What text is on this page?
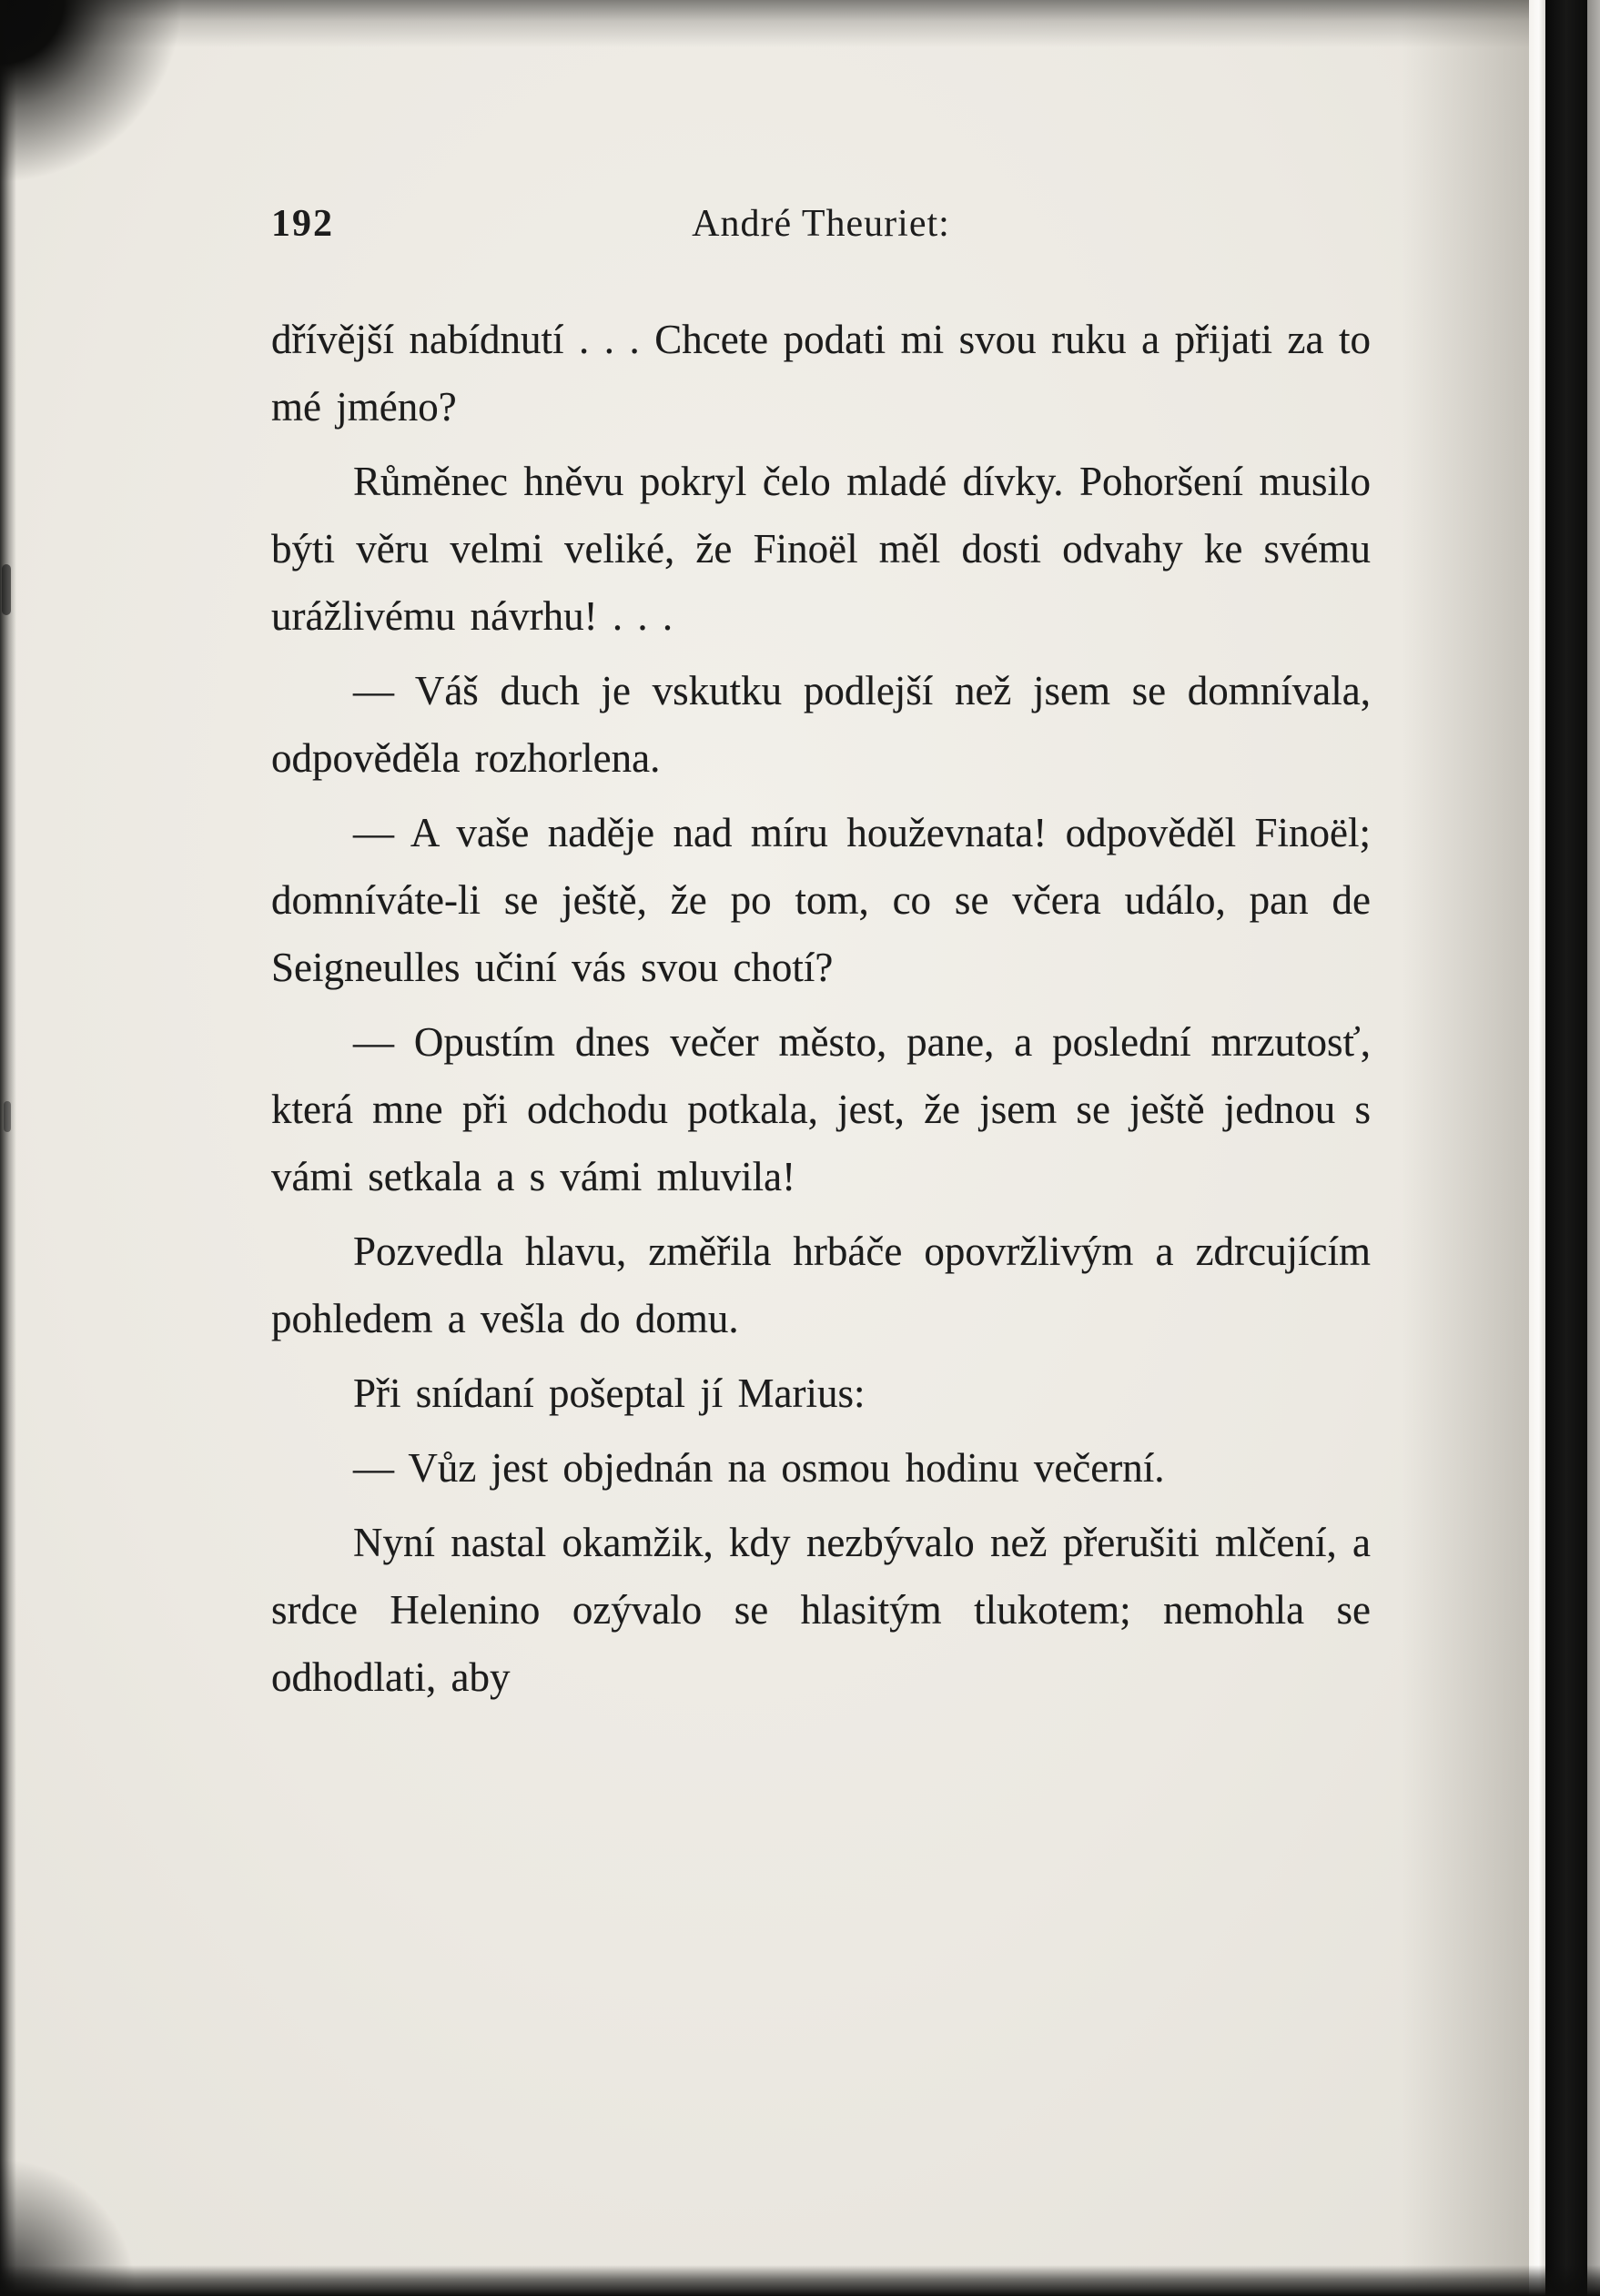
192	André Theuriet:

dřívější nabídnutí . . . Chcete podati mi svou ruku a přijati za to mé jméno?

Růměnec hněvu pokryl čelo mladé dívky. Pohoršení musilo býti věru velmi veliké, že Finoël měl dosti odvahy ke svému urážlivému návrhu! . . .

— Váš duch je vskutku podlejší než jsem se domnívala, odpověděla rozhorlena.

— A vaše naděje nad míru houževnata! odpověděl Finoël; domníváte-li se ještě, že po tom, co se včera událo, pan de Seigneulles učiní vás svou chotí?

— Opustím dnes večer město, pane, a poslední mrzutosť, která mne při odchodu potkala, jest, že jsem se ještě jednou s vámi setkala a s vámi mluvila!

Pozvedla hlavu, změřila hrbáče opovržlivým a zdrcujícím pohledem a vešla do domu.

Při snídaní pošeptal jí Marius:

— Vůz jest objednán na osmou hodinu večerní.

Nyní nastal okamžik, kdy nezbývalo než přerušiti mlčení, a srdce Helenino ozývalo se hlasitým tlukotem; nemohla se odhodlati, aby
